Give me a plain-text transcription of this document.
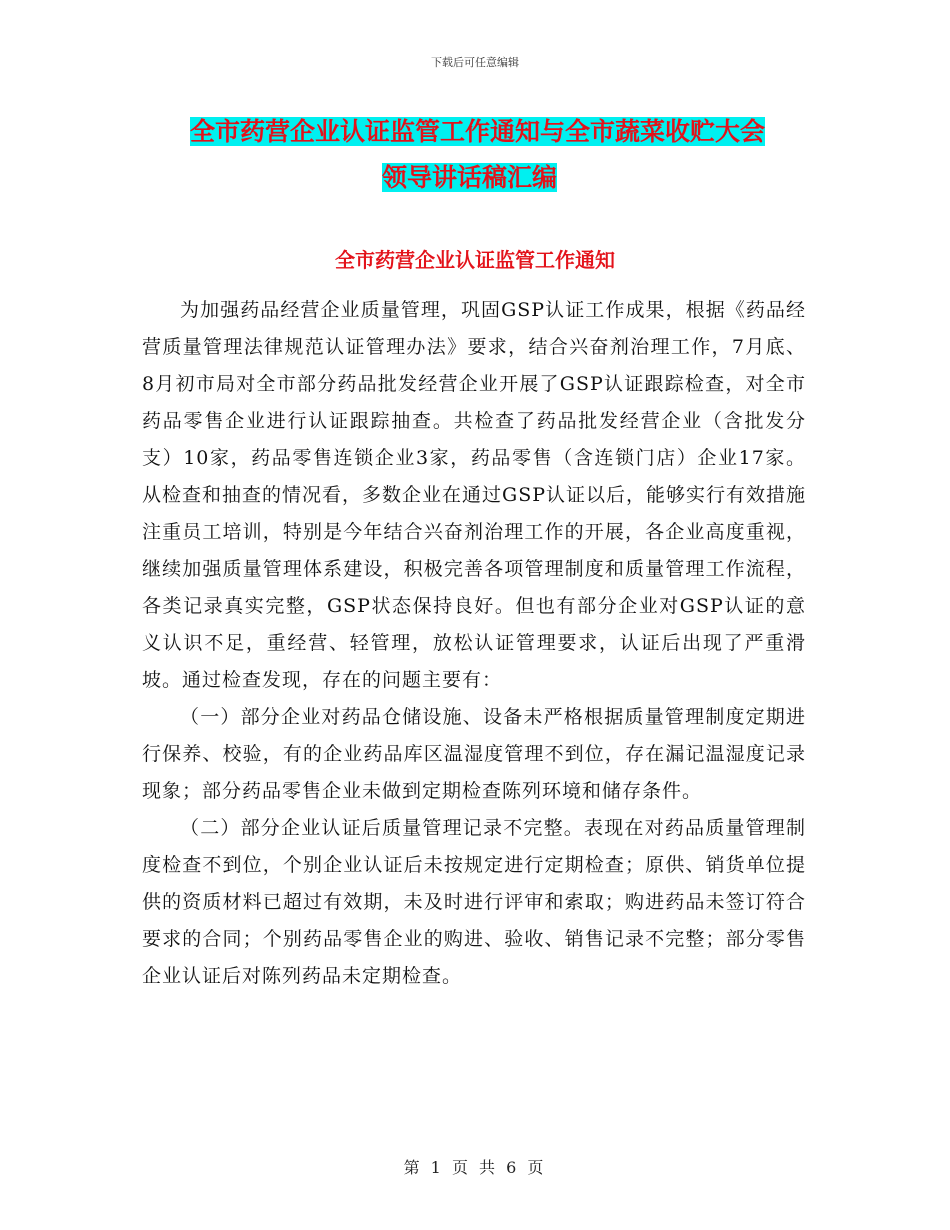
下载后可任意编辑
全市药营企业认证监管工作通知与全市蔬菜收贮大会
领导讲话稿汇编
全市药营企业认证监管工作通知

为加强药品经营企业质量管理，巩固GSP认证工作成果，根据《药品经营质量管理法律规范认证管理办法》要求，结合兴奋剂治理工作，7月底、8月初市局对全市部分药品批发经营企业开展了GSP认证跟踪检查，对全市药品零售企业进行认证跟踪抽查。共检查了药品批发经营企业（含批发分支）10家，药品零售连锁企业3家，药品零售（含连锁门店）企业17家。从检查和抽查的情况看，多数企业在通过GSP认证以后，能够实行有效措施注重员工培训，特别是今年结合兴奋剂治理工作的开展，各企业高度重视，继续加强质量管理体系建设，积极完善各项管理制度和质量管理工作流程，各类记录真实完整，GSP状态保持良好。但也有部分企业对GSP认证的意义认识不足，重经营、轻管理，放松认证管理要求，认证后出现了严重滑坡。通过检查发现，存在的问题主要有：

（一）部分企业对药品仓储设施、设备未严格根据质量管理制度定期进行保养、校验，有的企业药品库区温湿度管理不到位，存在漏记温湿度记录现象；部分药品零售企业未做到定期检查陈列环境和储存条件。

（二）部分企业认证后质量管理记录不完整。表现在对药品质量管理制度检查不到位，个别企业认证后未按规定进行定期检查；原供、销货单位提供的资质材料已超过有效期，未及时进行评审和索取；购进药品未签订符合要求的合同；个别药品零售企业的购进、验收、销售记录不完整；部分零售企业认证后对陈列药品未定期检查。

第 1 页 共 6 页
